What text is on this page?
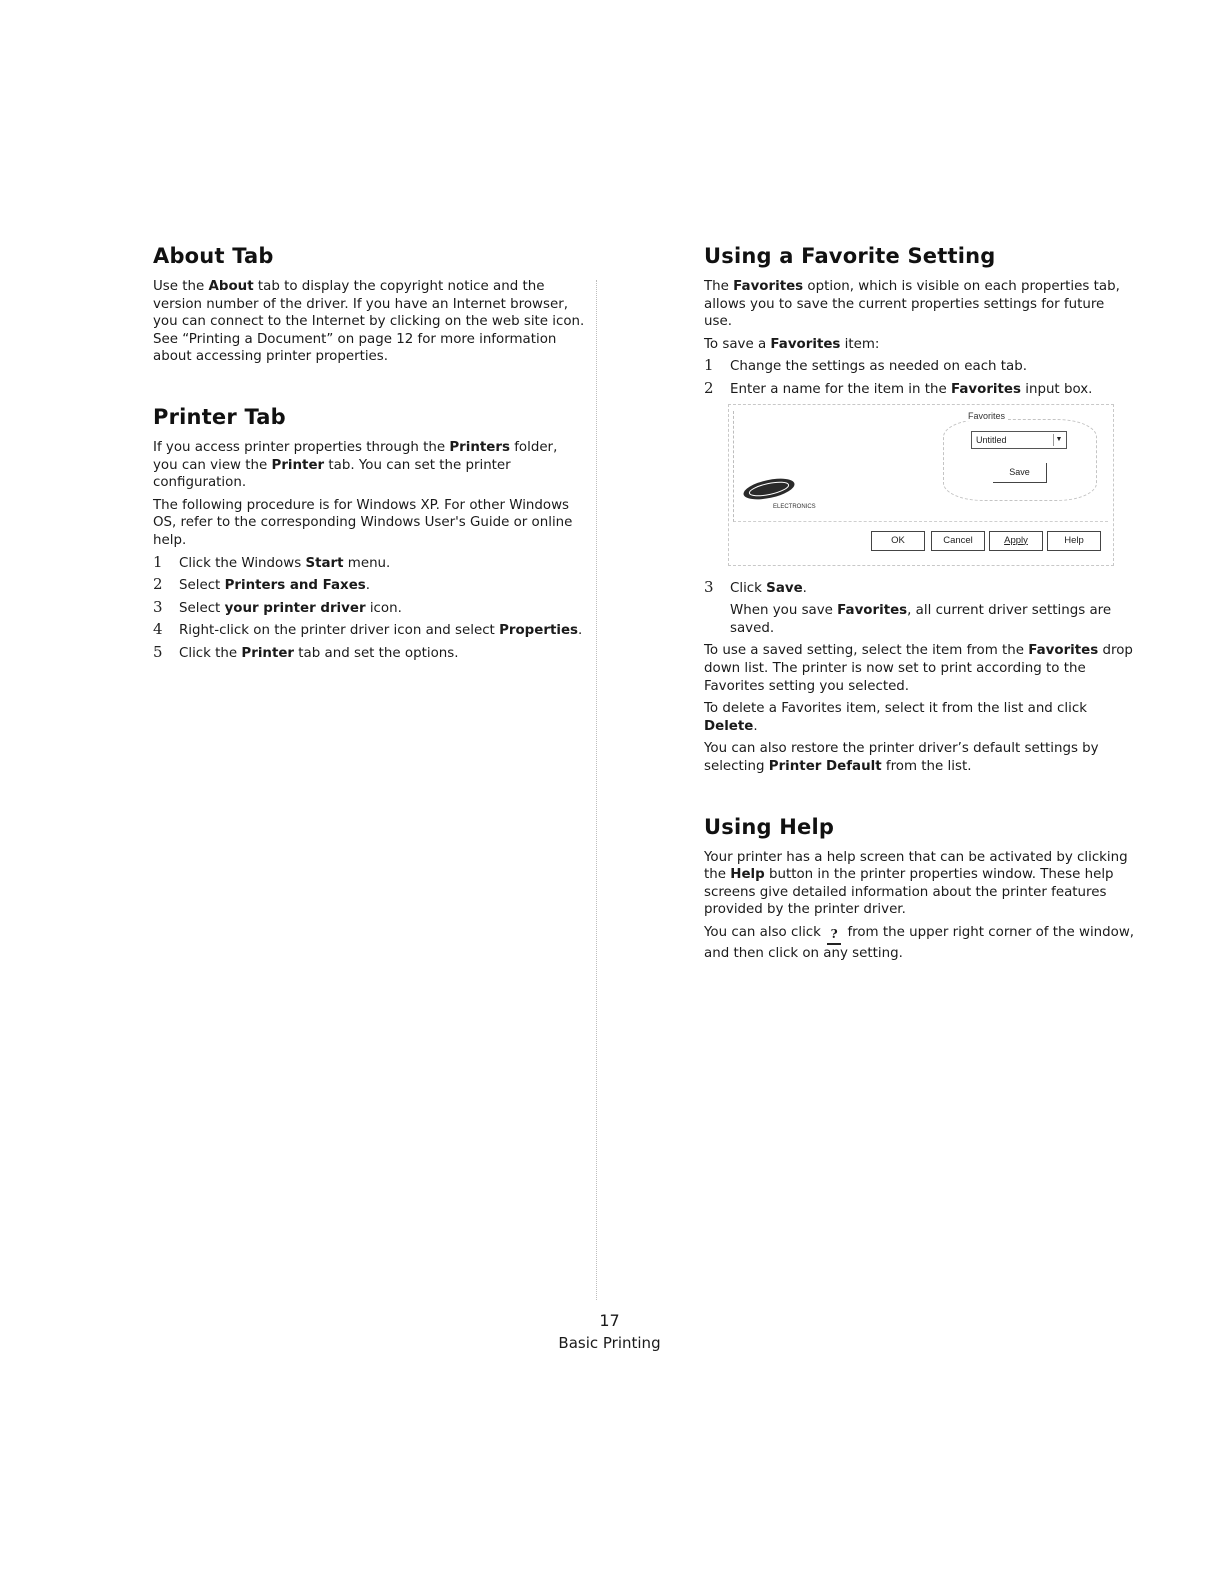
About Tab

Use the About tab to display the copyright notice and the version number of the driver. If you have an Internet browser, you can connect to the Internet by clicking on the web site icon. See “Printing a Document” on page 12 for more information about accessing printer properties.

Printer Tab

If you access printer properties through the Printers folder, you can view the Printer tab. You can set the printer configuration.

The following procedure is for Windows XP. For other Windows OS, refer to the corresponding Windows User's Guide or online help.

1 Click the Windows Start menu.
2 Select Printers and Faxes.
3 Select your printer driver icon.
4 Right-click on the printer driver icon and select Properties.
5 Click the Printer tab and set the options.
Using a Favorite Setting

The Favorites option, which is visible on each properties tab, allows you to save the current properties settings for future use.

To save a Favorites item:

1 Change the settings as needed on each tab.
2 Enter a name for the item in the Favorites input box.
Favorites
Untitled	▼
Save
ELECTRONICS
OK	Cancel	Apply	Help
3 Click Save.

When you save Favorites, all current driver settings are saved.

To use a saved setting, select the item from the Favorites drop down list. The printer is now set to print according to the Favorites setting you selected.

To delete a Favorites item, select it from the list and click Delete.

You can also restore the printer driver’s default settings by selecting Printer Default from the list.

Using Help

Your printer has a help screen that can be activated by clicking the Help button in the printer properties window. These help screens give detailed information about the printer features provided by the printer driver.

You can also click ? from the upper right corner of the window, and then click on any setting.

17
Basic Printing
